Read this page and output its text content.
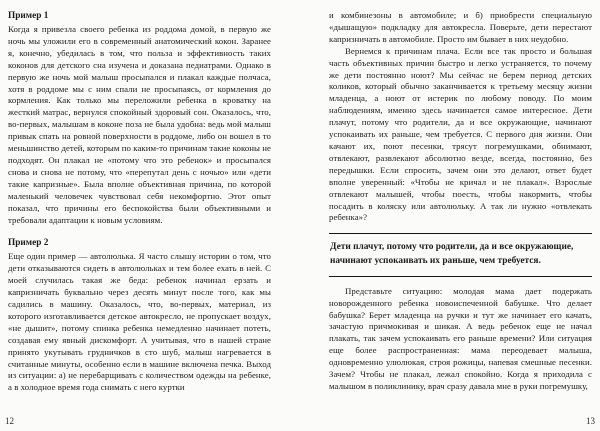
Пример 1

Когда я привезла своего ребенка из роддома домой, в первую же ночь мы уложили его в современный анатомический кокон. Заранее я, конечно, убедилась в том, что польза и эффективность таких коконов для детского сна изучена и доказана педиатрами. Однако в первую же ночь мой малыш просыпался и плакал каждые полчаса, хотя в роддоме мы с ним спали не просыпаясь, от кормления до кормления. Как только мы переложили ребенка в кроватку на жесткий матрас, вернулся спокойный здоровый сон. Оказалось, что, во-первых, малышам в коконе поза не была удобна: ведь мой малыш привык спать на ровной поверхности в роддоме, либо он вошел в то меньшинство детей, которым по каким-то причинам такие коконы не подходят. Он плакал не «потому что это ребенок» и просыпался снова и снова не потому, что «перепутал день с ночью» или «дети такие капризные». Была вполне объективная причина, по которой маленький человечек чувствовал себя некомфортно. Этот опыт показал, что причины его беспокойства были объективными и требовали адаптации к новым условиям.

Пример 2

Еще один пример — автолюлька. Я часто слышу истории о том, что дети отказываются сидеть в автолюльках и тем более ехать в ней. С моей случилась такая же беда: ребенок начинал ерзать и капризничать буквально через десять минут после того, как мы садились в машину. Оказалось, что, во-первых, материал, из которого изготавливается детское автокресло, не пропускает воздух, «не дышит», потому спинка ребенка немедленно начинает потеть, создавая ему явный дискомфорт. А учитывая, что в нашей стране принято укутывать грудничков в сто шуб, малыш нагревается в считанные минуты, особенно если в машине включена печка. Выход из ситуации: а) не перебарщивать с количеством одежды на ребенке, а в холодное время года снимать с него куртки

12

и комбинезоны в автомобиле; и б) приобрести специальную «дышащую» подкладку для автокресла. Поверьте, дети перестают капризничать в автомобиле. Просто им бывает в них неудобно.

Вернемся к причинам плача. Если все так просто и большая часть объективных причин быстро и легко устраняется, то почему же дети постоянно ноют? Мы сейчас не берем период детских коликов, который обычно заканчивается к третьему месяцу жизни младенца, а ноют от истерик по любому поводу. По моим наблюдениям, именно здесь начинается самое интересное. Дети плачут, потому что родители, да и все окружающие, начинают успокаивать их раньше, чем требуется. С первого дня жизни. Они качают их, поют песенки, трясут погремушками, обнимают, отвлекают, развлекают абсолютно везде, всегда, постоянно, без передышки. Если спросить, зачем они это делают, ответ будет вполне уверенный: «Чтобы не кричал и не плакал». Взрослые отвлекают малышей, чтобы поесть, чтобы накормить, чтобы посадить в коляску или автолюльку. А так ли нужно «отвлекать ребенка»?

Дети плачут, потому что родители, да и все окружающие, начинают успокаивать их раньше, чем требуется.

Представьте ситуацию: молодая мама дает подержать новорожденного ребенка новоиспеченной бабушке. Что делает бабушка? Берет младенца на ручки и тут же начинает его качать, зачастую причмокивая и шикая. А ведь ребенок еще не начал плакать, так зачем успокаивать его раньше времени? Или ситуация еще более распространенная: мама переодевает малыша, одновременно улюлюкая, строя рожицы, напевая смешные песенки. Зачем? Чтобы не плакал, лежал спокойно. Когда я приходила с малышом в поликлинику, врач сразу давала мне в руки погремушку,

13
